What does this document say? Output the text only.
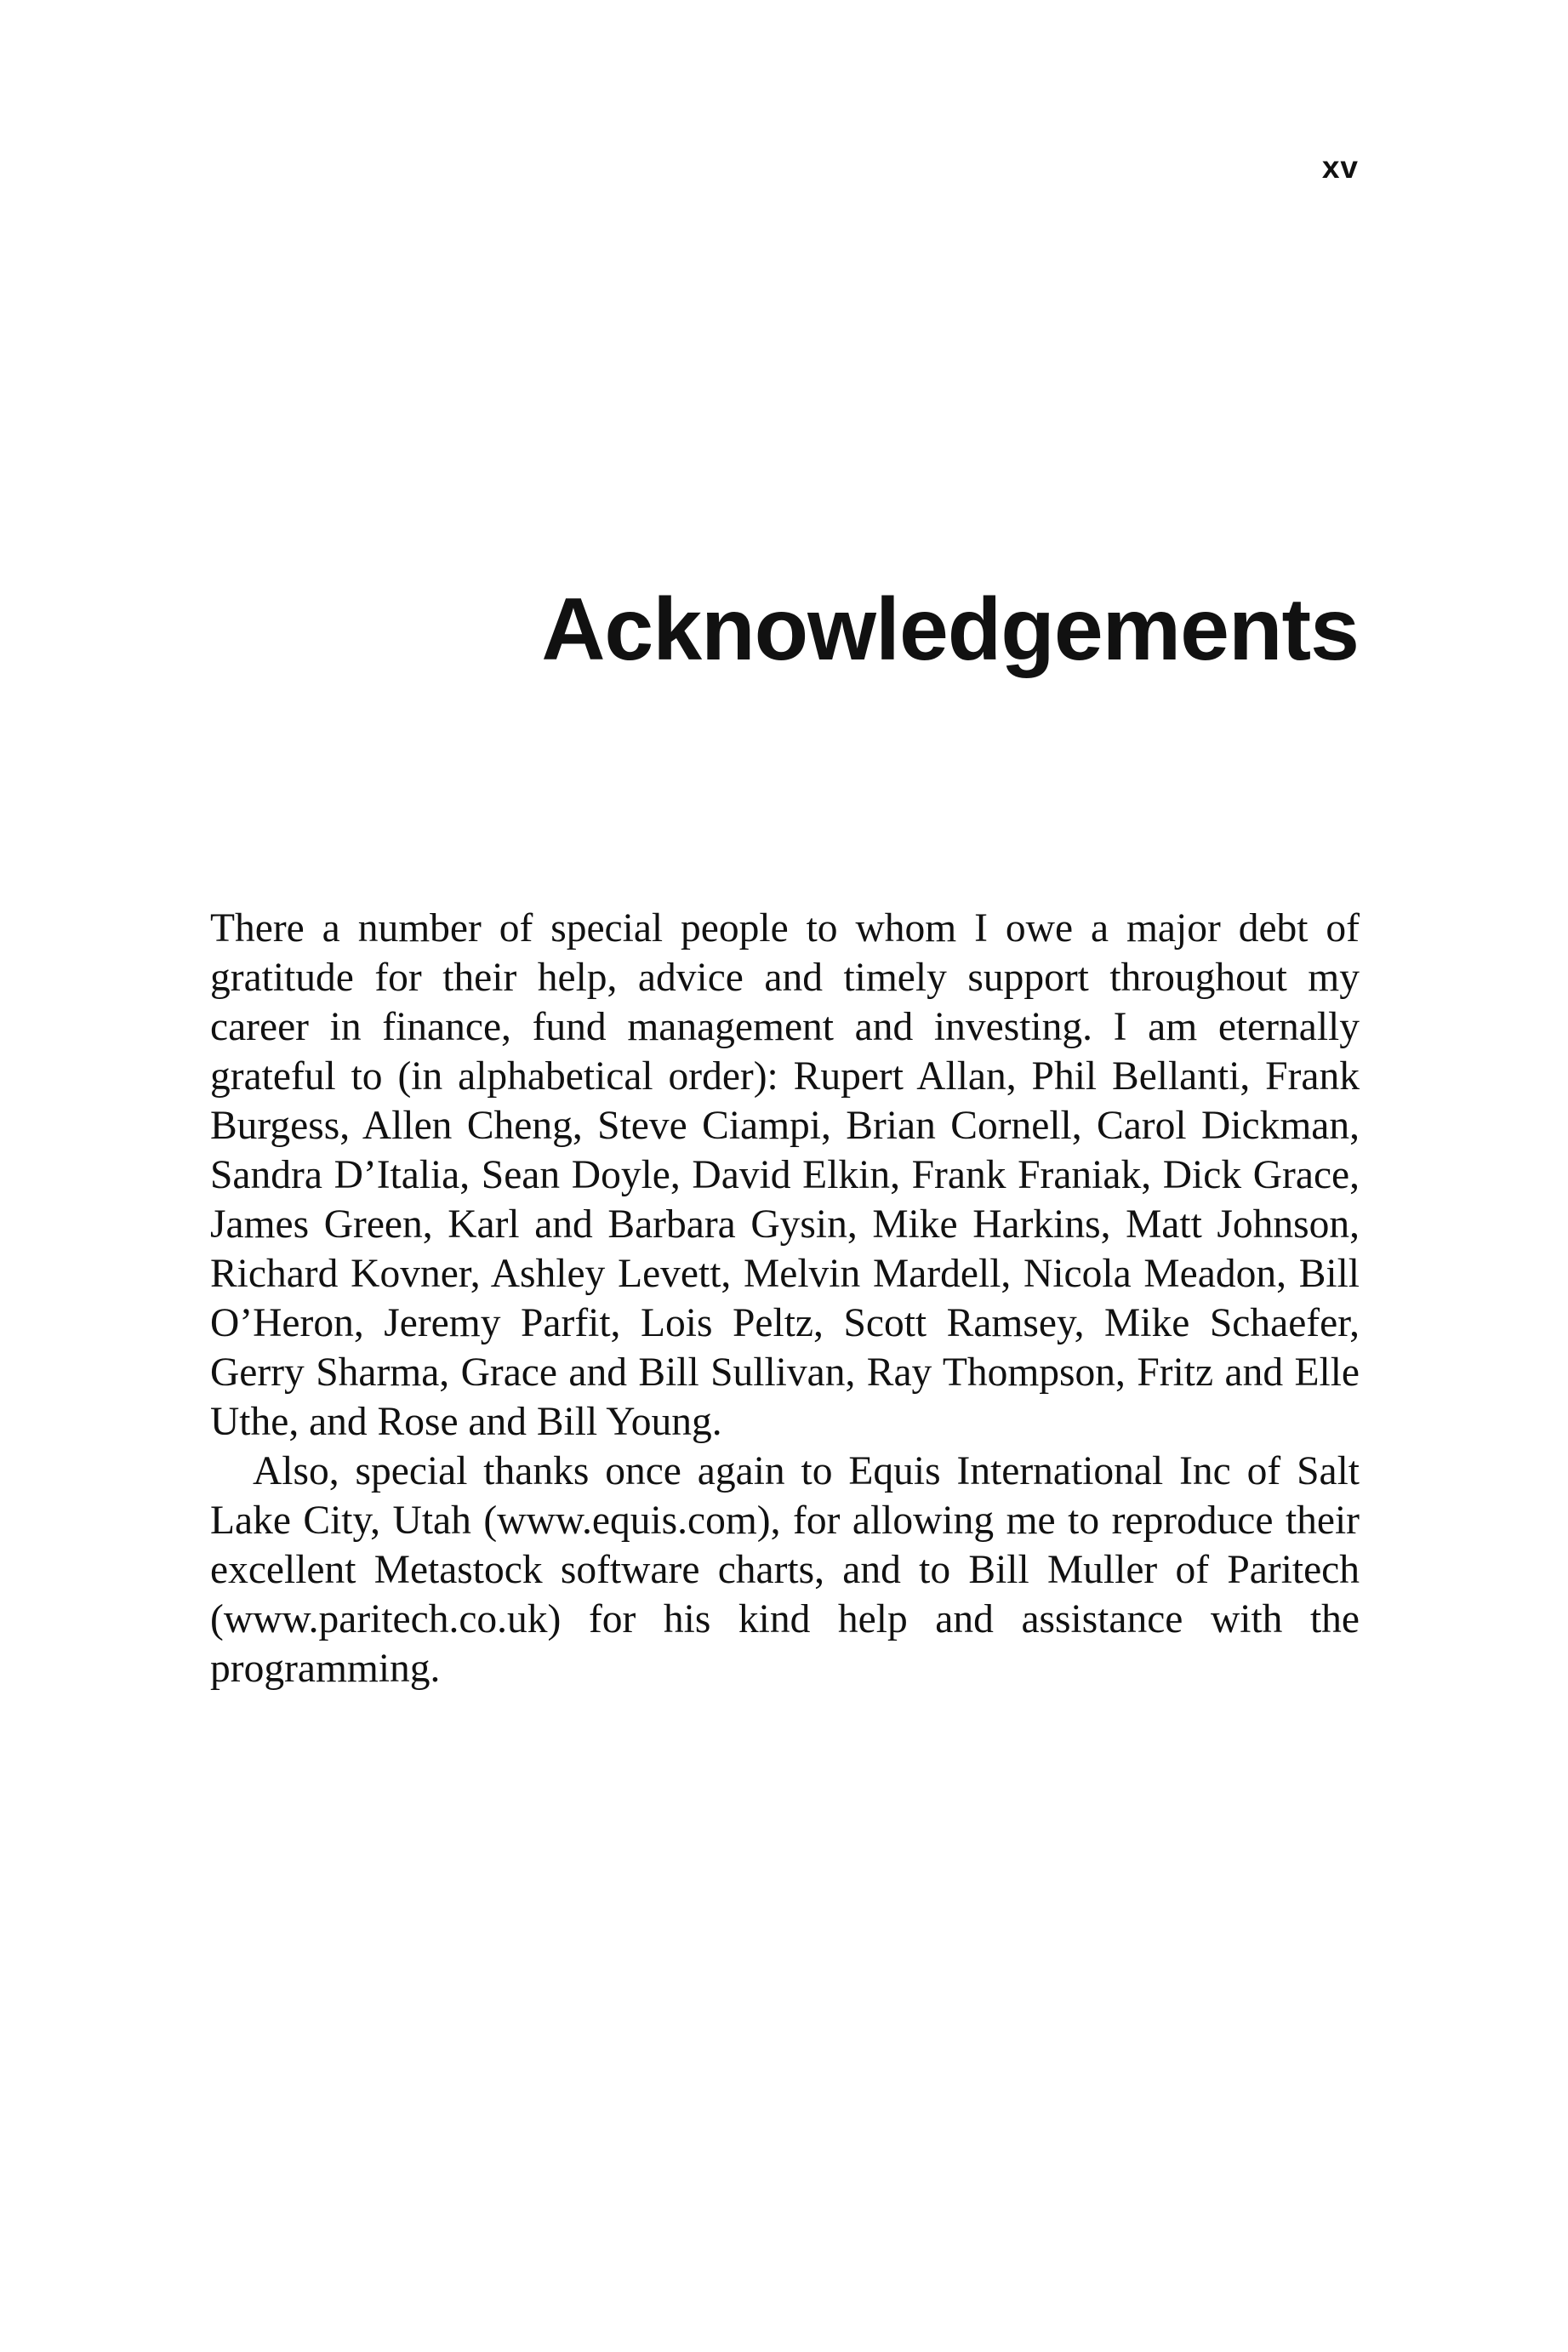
xv
Acknowledgements

There a number of special people to whom I owe a major debt of gratitude for their help, advice and timely support throughout my career in finance, fund management and investing. I am eternally grateful to (in alphabetical order): Rupert Allan, Phil Bellanti, Frank Burgess, Allen Cheng, Steve Ciampi, Brian Cornell, Carol Dickman, Sandra D’Italia, Sean Doyle, David Elkin, Frank Franiak, Dick Grace, James Green, Karl and Barbara Gysin, Mike Harkins, Matt Johnson, Richard Kovner, Ashley Levett, Melvin Mardell, Nicola Meadon, Bill O’Heron, Jeremy Parfit, Lois Peltz, Scott Ramsey, Mike Schaefer, Gerry Sharma, Grace and Bill Sullivan, Ray Thompson, Fritz and Elle Uthe, and Rose and Bill Young.

Also, special thanks once again to Equis International Inc of Salt Lake City, Utah (www.equis.com), for allowing me to reproduce their excellent Metastock software charts, and to Bill Muller of Paritech (www.paritech.co.uk) for his kind help and assistance with the programming.
